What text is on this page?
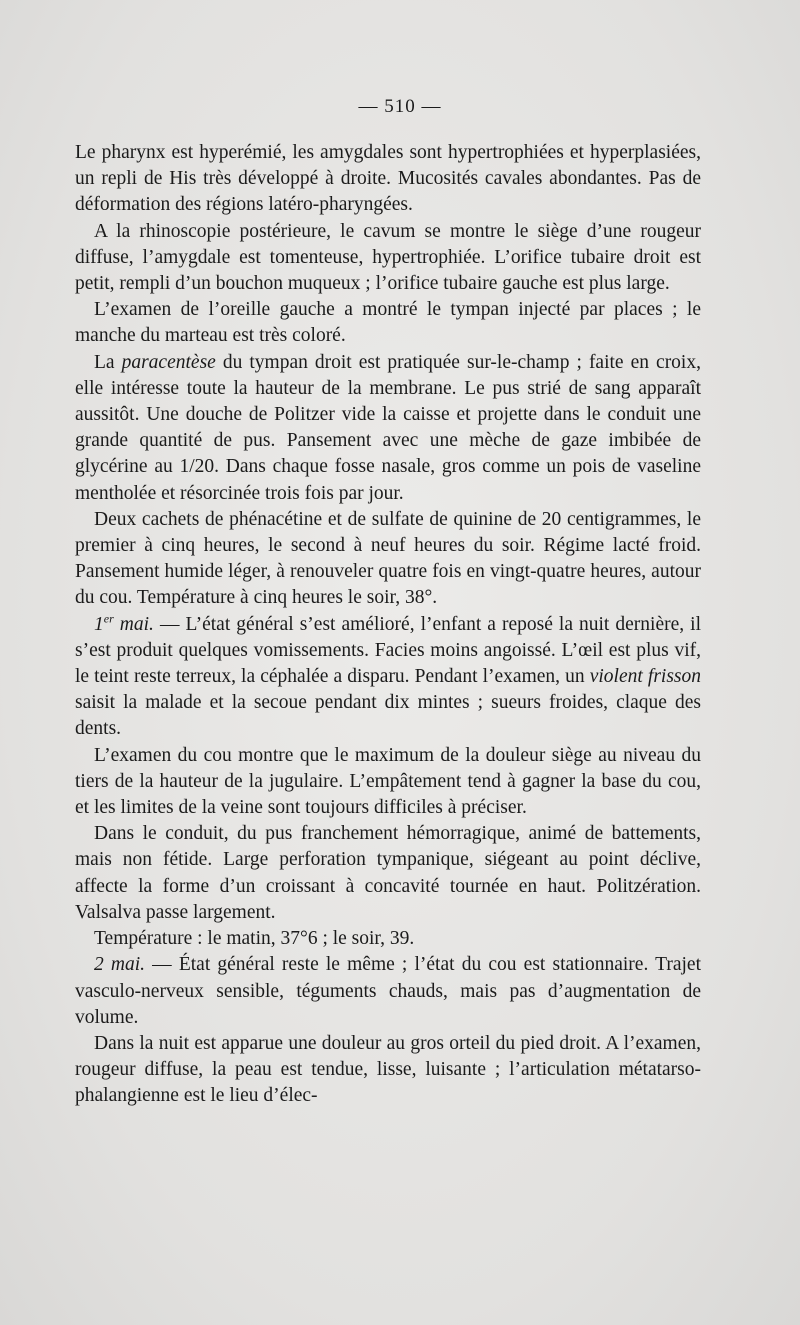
— 510 —

Le pharynx est hyperémié, les amygdales sont hypertrophiées et hyperplasiées, un repli de His très développé à droite. Mucosités cavales abondantes. Pas de déformation des régions latéro-pharyngées.

A la rhinoscopie postérieure, le cavum se montre le siège d’une rougeur diffuse, l’amygdale est tomenteuse, hypertrophiée. L’orifice tubaire droit est petit, rempli d’un bouchon muqueux ; l’orifice tubaire gauche est plus large.

L’examen de l’oreille gauche a montré le tympan injecté par places ; le manche du marteau est très coloré.

La paracentèse du tympan droit est pratiquée sur-le-champ ; faite en croix, elle intéresse toute la hauteur de la membrane. Le pus strié de sang apparaît aussitôt. Une douche de Politzer vide la caisse et projette dans le conduit une grande quantité de pus. Pansement avec une mèche de gaze imbibée de glycérine au 1/20. Dans chaque fosse nasale, gros comme un pois de vaseline mentholée et résorcinée trois fois par jour.

Deux cachets de phénacétine et de sulfate de quinine de 20 centigrammes, le premier à cinq heures, le second à neuf heures du soir. Régime lacté froid. Pansement humide léger, à renouveler quatre fois en vingt-quatre heures, autour du cou. Température à cinq heures le soir, 38°.

1er mai. — L’état général s’est amélioré, l’enfant a reposé la nuit dernière, il s’est produit quelques vomissements. Facies moins angoissé. L’œil est plus vif, le teint reste terreux, la céphalée a disparu. Pendant l’examen, un violent frisson saisit la malade et la secoue pendant dix mintes ; sueurs froides, claque des dents.

L’examen du cou montre que le maximum de la douleur siège au niveau du tiers de la hauteur de la jugulaire. L’empâtement tend à gagner la base du cou, et les limites de la veine sont toujours difficiles à préciser.

Dans le conduit, du pus franchement hémorragique, animé de battements, mais non fétide. Large perforation tympanique, siégeant au point déclive, affecte la forme d’un croissant à concavité tournée en haut. Politzération. Valsalva passe largement.

Température : le matin, 37°6 ; le soir, 39.

2 mai. — État général reste le même ; l’état du cou est stationnaire. Trajet vasculo-nerveux sensible, téguments chauds, mais pas d’augmentation de volume.

Dans la nuit est apparue une douleur au gros orteil du pied droit. A l’examen, rougeur diffuse, la peau est tendue, lisse, luisante ; l’articulation métatarso-phalangienne est le lieu d’élec-
